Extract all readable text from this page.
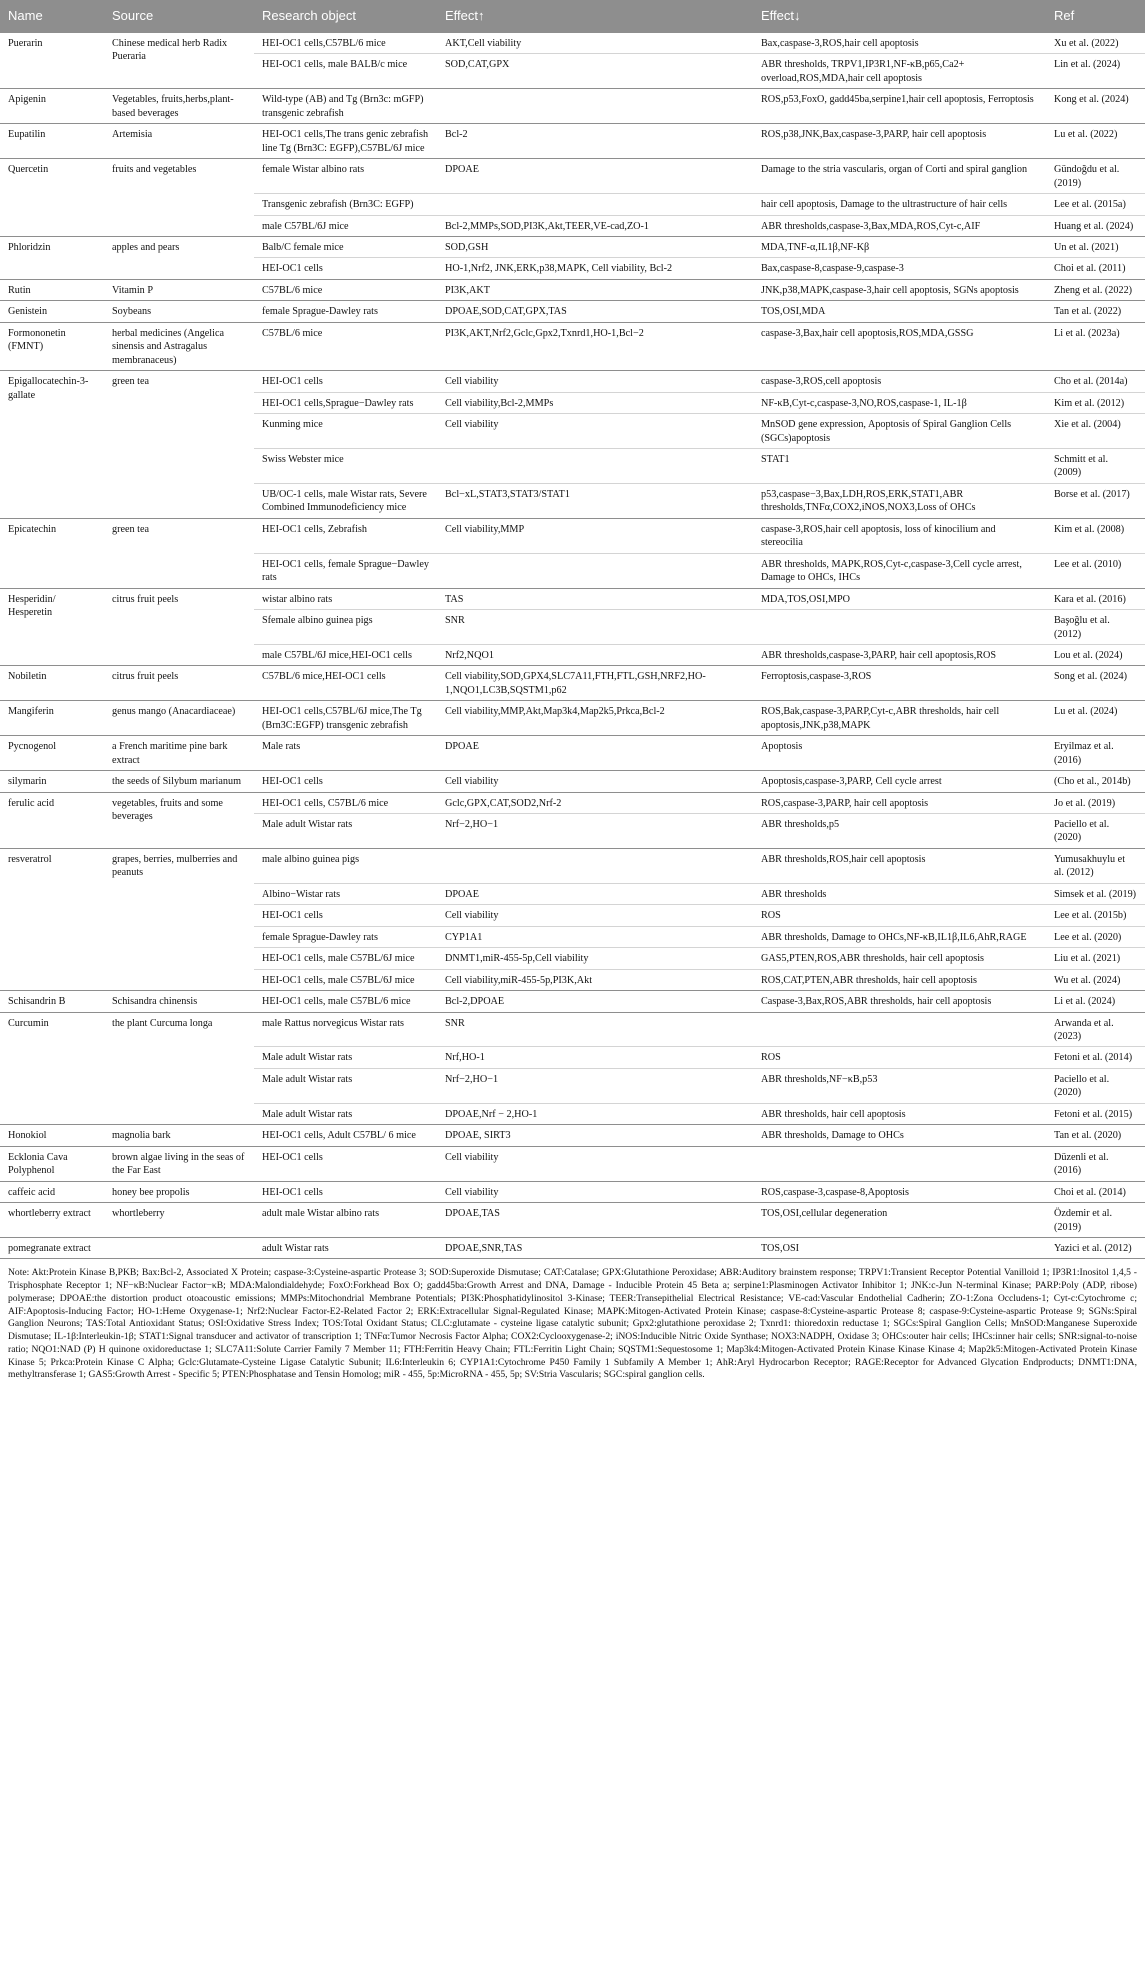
Name	Source	Research object	Effect↑	Effect↓	Ref
Puerarin	Chinese medical herb Radix Pueraria	HEI-OC1 cells,C57BL/6 mice	AKT,Cell viability	Bax,caspase-3,ROS,hair cell apoptosis	Xu et al. (2022)
		HEI-OC1 cells, male BALB/c mice	SOD,CAT,GPX	ABR thresholds, TRPV1,IP3R1,NF-κB,p65,Ca2+ overload,ROS,MDA,hair cell apoptosis	Lin et al. (2024)
Apigenin	Vegetables, fruits,herbs,plant-based beverages	Wild-type (AB) and Tg (Brn3c: mGFP) transgenic zebrafish		ROS,p53,FoxO, gadd45ba,serpine1,hair cell apoptosis, Ferroptosis	Kong et al. (2024)
Eupatilin	Artemisia	HEI-OC1 cells,The trans genic zebrafish line Tg (Brn3C: EGFP),C57BL/6J mice	Bcl-2	ROS,p38,JNK,Bax,caspase-3,PARP, hair cell apoptosis	Lu et al. (2022)
Quercetin	fruits and vegetables	female Wistar albino rats	DPOAE	Damage to the stria vascularis, organ of Corti and spiral ganglion	Gündoğdu et al. (2019)
		Transgenic zebrafish (Brn3C: EGFP)		hair cell apoptosis, Damage to the ultrastructure of hair cells	Lee et al. (2015a)
		male C57BL/6J mice	Bcl-2,MMPs,SOD,PI3K,Akt,TEER,VE-cad,ZO-1	ABR thresholds,caspase-3,Bax,MDA,ROS,Cyt-c,AIF	Huang et al. (2024)
Phloridzin	apples and pears	Balb/C female mice	SOD,GSH	MDA,TNF-α,IL1β,NF-Kβ	Un et al. (2021)
		HEI-OC1 cells	HO-1,Nrf2, JNK,ERK,p38,MAPK, Cell viability, Bcl-2	Bax,caspase-8,caspase-9,caspase-3	Choi et al. (2011)
Rutin	Vitamin P	C57BL/6 mice	PI3K,AKT	JNK,p38,MAPK,caspase-3,hair cell apoptosis, SGNs apoptosis	Zheng et al. (2022)
Genistein	Soybeans	female Sprague-Dawley rats	DPOAE,SOD,CAT,GPX,TAS	TOS,OSI,MDA	Tan et al. (2022)
Formononetin (FMNT)	herbal medicines (Angelica sinensis and Astragalus membranaceus)	C57BL/6 mice	PI3K,AKT,Nrf2,Gclc,Gpx2,Txnrd1,HO-1,Bcl−2	caspase-3,Bax,hair cell apoptosis,ROS,MDA,GSSG	Li et al. (2023a)
Epigallocatechin-3-gallate	green tea	HEI-OC1 cells	Cell viability	caspase-3,ROS,cell apoptosis	Cho et al. (2014a)
		HEI-OC1 cells,Sprague−Dawley rats	Cell viability,Bcl-2,MMPs	NF-κB,Cyt-c,caspase-3,NO,ROS,caspase-1, IL-1β	Kim et al. (2012)
		Kunming mice	Cell viability	MnSOD gene expression, Apoptosis of Spiral Ganglion Cells (SGCs)apoptosis	Xie et al. (2004)
		Swiss Webster mice		STAT1	Schmitt et al. (2009)
		UB/OC-1 cells, male Wistar rats, Severe Combined Immunodeficiency mice	Bcl−xL,STAT3,STAT3/STAT1	p53,caspase−3,Bax,LDH,ROS,ERK,STAT1,ABR thresholds,TNFα,COX2,iNOS,NOX3,Loss of OHCs	Borse et al. (2017)
Epicatechin	green tea	HEI-OC1 cells, Zebrafish	Cell viability,MMP	caspase-3,ROS,hair cell apoptosis, loss of kinocilium and stereocilia	Kim et al. (2008)
		HEI-OC1 cells, female Sprague−Dawley rats		ABR thresholds, MAPK,ROS,Cyt-c,caspase-3,Cell cycle arrest, Damage to OHCs, IHCs	Lee et al. (2010)
Hesperidin/ Hesperetin	citrus fruit peels	wistar albino rats	TAS	MDA,TOS,OSI,MPO	Kara et al. (2016)
		Sfemale albino guinea pigs	SNR		Başoğlu et al. (2012)
		male C57BL/6J mice,HEI-OC1 cells	Nrf2,NQO1	ABR thresholds,caspase-3,PARP, hair cell apoptosis,ROS	Lou et al. (2024)
Nobiletin	citrus fruit peels	C57BL/6 mice,HEI-OC1 cells	Cell viability,SOD,GPX4,SLC7A11,FTH,FTL,GSH,NRF2,HO-1,NQO1,LC3B,SQSTM1,p62	Ferroptosis,caspase-3,ROS	Song et al. (2024)
Mangiferin	genus mango (Anacardiaceae)	HEI-OC1 cells,C57BL/6J mice,The Tg (Brn3C:EGFP) transgenic zebrafish	Cell viability,MMP,Akt,Map3k4,Map2k5,Prkca,Bcl-2	ROS,Bak,caspase-3,PARP,Cyt-c,ABR thresholds, hair cell apoptosis,JNK,p38,MAPK	Lu et al. (2024)
Pycnogenol	a French maritime pine bark extract	Male rats	DPOAE	Apoptosis	Eryilmaz et al. (2016)
silymarin	the seeds of Silybum marianum	HEI-OC1 cells	Cell viability	Apoptosis,caspase-3,PARP, Cell cycle arrest	(Cho et al., 2014b)
ferulic acid	vegetables, fruits and some beverages	HEI-OC1 cells, C57BL/6 mice	Gclc,GPX,CAT,SOD2,Nrf-2	ROS,caspase-3,PARP, hair cell apoptosis	Jo et al. (2019)
		Male adult Wistar rats	Nrf−2,HO−1	ABR thresholds,p5	Paciello et al. (2020)
resveratrol	grapes, berries, mulberries and peanuts	male albino guinea pigs		ABR thresholds,ROS,hair cell apoptosis	Yumusakhuylu et al. (2012)
		Albino−Wistar rats	DPOAE	ABR thresholds	Simsek et al. (2019)
		HEI-OC1 cells	Cell viability	ROS	Lee et al. (2015b)
		female Sprague-Dawley rats	CYP1A1	ABR thresholds, Damage to OHCs,NF-κB,IL1β,IL6,AhR,RAGE	Lee et al. (2020)
		HEI-OC1 cells, male C57BL/6J mice	DNMT1,miR-455-5p,Cell viability	GAS5,PTEN,ROS,ABR thresholds, hair cell apoptosis	Liu et al. (2021)
		HEI-OC1 cells, male C57BL/6J mice	Cell viability,miR-455-5p,PI3K,Akt	ROS,CAT,PTEN,ABR thresholds, hair cell apoptosis	Wu et al. (2024)
Schisandrin B	Schisandra chinensis	HEI-OC1 cells, male C57BL/6 mice	Bcl-2,DPOAE	Caspase-3,Bax,ROS,ABR thresholds, hair cell apoptosis	Li et al. (2024)
Curcumin	the plant Curcuma longa	male Rattus norvegicus Wistar rats	SNR		Arwanda et al. (2023)
		Male adult Wistar rats	Nrf,HO-1	ROS	Fetoni et al. (2014)
		Male adult Wistar rats	Nrf−2,HO−1	ABR thresholds,NF−κB,p53	Paciello et al. (2020)
		Male adult Wistar rats	DPOAE,Nrf − 2,HO-1	ABR thresholds, hair cell apoptosis	Fetoni et al. (2015)
Honokiol	magnolia bark	HEI-OC1 cells, Adult C57BL/ 6 mice	DPOAE, SIRT3	ABR thresholds, Damage to OHCs	Tan et al. (2020)
Ecklonia Cava Polyphenol	brown algae living in the seas of the Far East	HEI-OC1 cells	Cell viability		Düzenli et al. (2016)
caffeic acid	honey bee propolis	HEI-OC1 cells	Cell viability	ROS,caspase-3,caspase-8,Apoptosis	Choi et al. (2014)
whortleberry extract	whortleberry	adult male Wistar albino rats	DPOAE,TAS	TOS,OSI,cellular degeneration	Özdemir et al. (2019)
pomegranate extract		adult Wistar rats	DPOAE,SNR,TAS	TOS,OSI	Yazici et al. (2012)
Note: Akt:Protein Kinase B,PKB; Bax:Bcl-2, Associated X Protein; caspase-3:Cysteine-aspartic Protease 3; SOD:Superoxide Dismutase; CAT:Catalase; GPX:Glutathione Peroxidase; ABR:Auditory brainstem response; TRPV1:Transient Receptor Potential Vanilloid 1; IP3R1:Inositol 1,4,5 - Trisphosphate Receptor 1; NF−κB:Nuclear Factor−κB; MDA:Malondialdehyde; FoxO:Forkhead Box O; gadd45ba:Growth Arrest and DNA, Damage - Inducible Protein 45 Beta a; serpine1:Plasminogen Activator Inhibitor 1; JNK:c-Jun N-terminal Kinase; PARP:Poly (ADP, ribose) polymerase; DPOAE:the distortion product otoacoustic emissions; MMPs:Mitochondrial Membrane Potentials; PI3K:Phosphatidylinositol 3-Kinase; TEER:Transepithelial Electrical Resistance; VE-cad:Vascular Endothelial Cadherin; ZO-1:Zona Occludens-1; Cyt-c:Cytochrome c; AIF:Apoptosis-Inducing Factor; HO-1:Heme Oxygenase-1; Nrf2:Nuclear Factor-E2-Related Factor 2; ERK:Extracellular Signal-Regulated Kinase; MAPK:Mitogen-Activated Protein Kinase; caspase-8:Cysteine-aspartic Protease 8; caspase-9:Cysteine-aspartic Protease 9; SGNs:Spiral Ganglion Neurons; TAS:Total Antioxidant Status; OSI:Oxidative Stress Index; TOS:Total Oxidant Status; CLC:glutamate - cysteine ligase catalytic subunit; Gpx2:glutathione peroxidase 2; Txnrd1: thioredoxin reductase 1; SGCs:Spiral Ganglion Cells; MnSOD:Manganese Superoxide Dismutase; IL-1β:Interleukin-1β; STAT1:Signal transducer and activator of transcription 1; TNFα:Tumor Necrosis Factor Alpha; COX2:Cyclooxygenase-2; iNOS:Inducible Nitric Oxide Synthase; NOX3:NADPH, Oxidase 3; OHCs:outer hair cells; IHCs:inner hair cells; SNR:signal-to-noise ratio; NQO1:NAD (P) H quinone oxidoreductase 1; SLC7A11:Solute Carrier Family 7 Member 11; FTH:Ferritin Heavy Chain; FTL:Ferritin Light Chain; SQSTM1:Sequestosome 1; Map3k4:Mitogen-Activated Protein Kinase Kinase Kinase 4; Map2k5:Mitogen-Activated Protein Kinase Kinase 5; Prkca:Protein Kinase C Alpha; Gclc:Glutamate-Cysteine Ligase Catalytic Subunit; IL6:Interleukin 6; CYP1A1:Cytochrome P450 Family 1 Subfamily A Member 1; AhR:Aryl Hydrocarbon Receptor; RAGE:Receptor for Advanced Glycation Endproducts; DNMT1:DNA, methyltransferase 1; GAS5:Growth Arrest - Specific 5; PTEN:Phosphatase and Tensin Homolog; miR - 455, 5p:MicroRNA - 455, 5p; SV:Stria Vascularis; SGC:spiral ganglion cells.
